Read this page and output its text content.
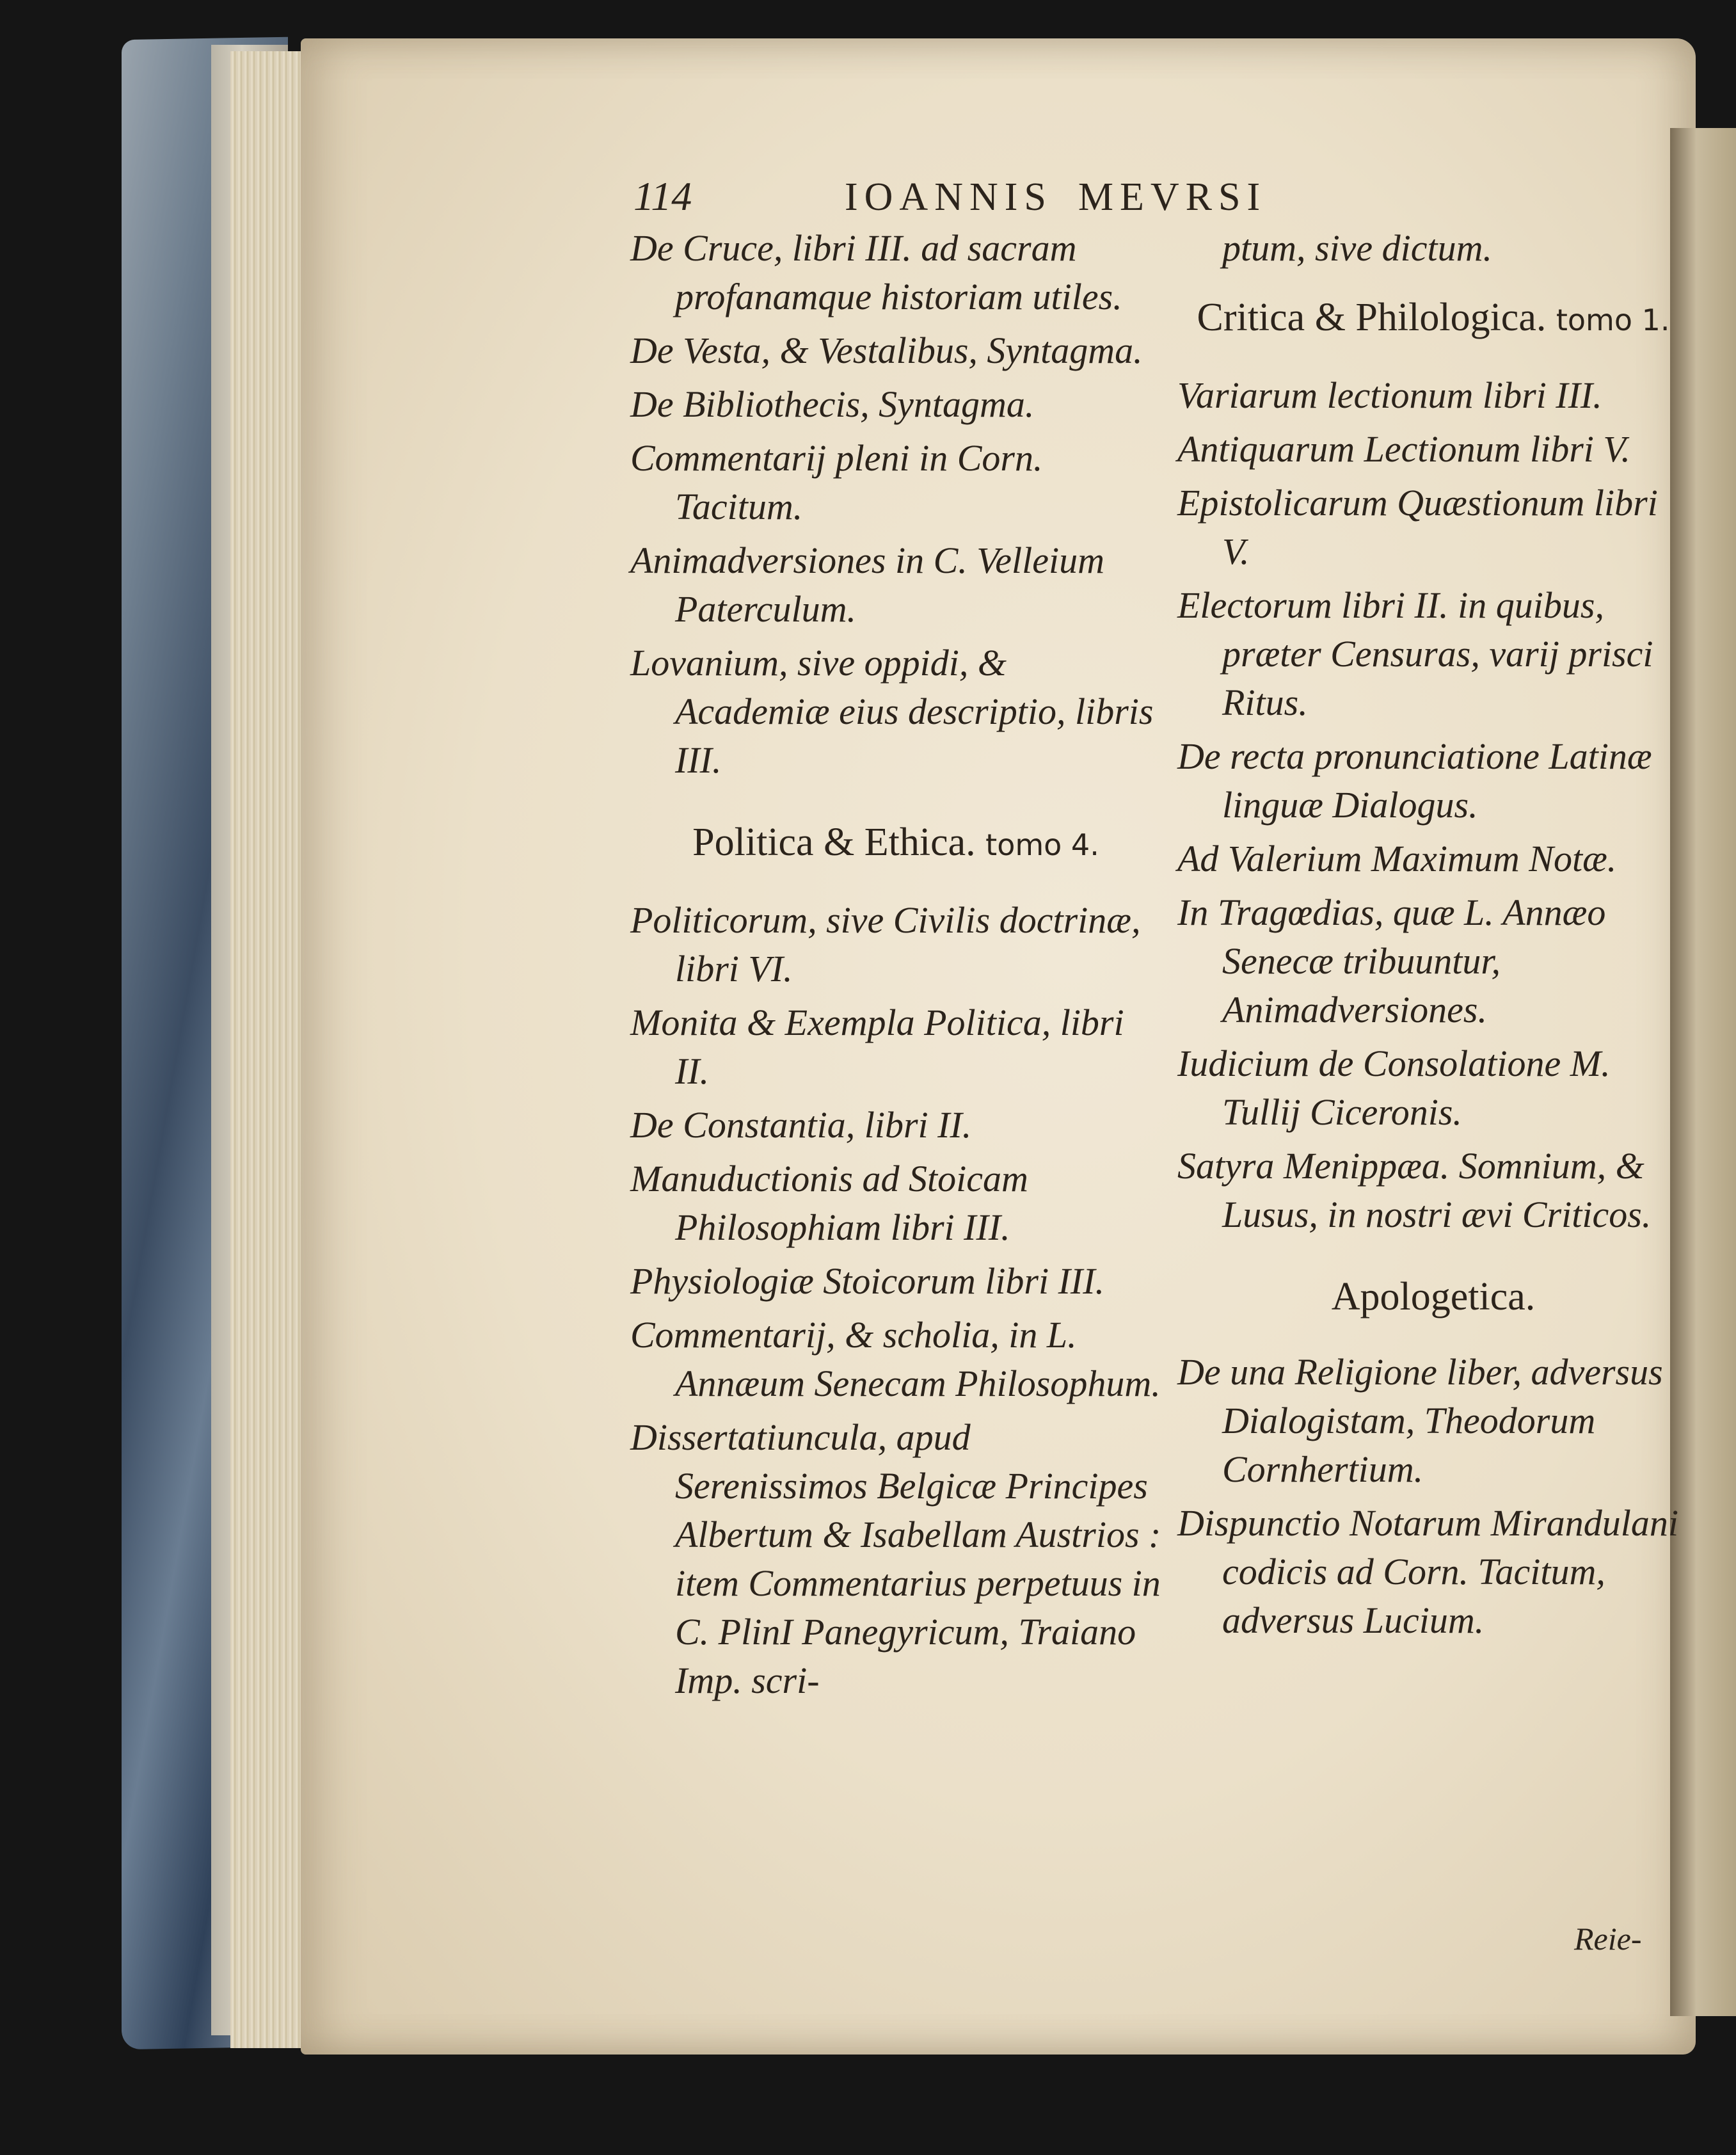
114	IOANNIS MEVRSI

De Cruce, libri III. ad sacram profanamque historiam utiles.

De Vesta, & Vestalibus, Syntagma.

De Bibliothecis, Syntagma.

Commentarij pleni in Corn. Tacitum.

Animadversiones in C. Velleium Paterculum.

Lovanium, sive oppidi, & Academiæ eius descriptio, libris III.

Politica & Ethica. tomo 4.

Politicorum, sive Civilis doctrinæ, libri VI.

Monita & Exempla Politica, libri II.

De Constantia, libri II.

Manuductionis ad Stoicam Philosophiam libri III.

Physiologiæ Stoicorum libri III.

Commentarij, & scholia, in L. Annæum Senecam Philosophum.

Dissertatiuncula, apud Serenissimos Belgicæ Principes Albertum & Isabellam Austrios : item Commentarius perpetuus in C. PlinI Panegyricum, Traiano Imp. scri-

ptum, sive dictum.

Critica & Philologica. tomo 1.

Variarum lectionum libri III.

Antiquarum Lectionum libri V.

Epistolicarum Quæstionum libri V.

Electorum libri II. in quibus, præter Censuras, varij prisci Ritus.

De recta pronunciatione Latinæ linguæ Dialogus.

Ad Valerium Maximum Notæ.

In Tragœdias, quæ L. Annæo Senecæ tribuuntur, Animadversiones.

Iudicium de Consolatione M. Tullij Ciceronis.

Satyra Menippæa. Somnium, & Lusus, in nostri ævi Criticos.

Apologetica.

De una Religione liber, adversus Dialogistam, Theodorum Cornhertium.

Dispunctio Notarum Mirandulani codicis ad Corn. Tacitum, adversus Lucium.

Reie-
